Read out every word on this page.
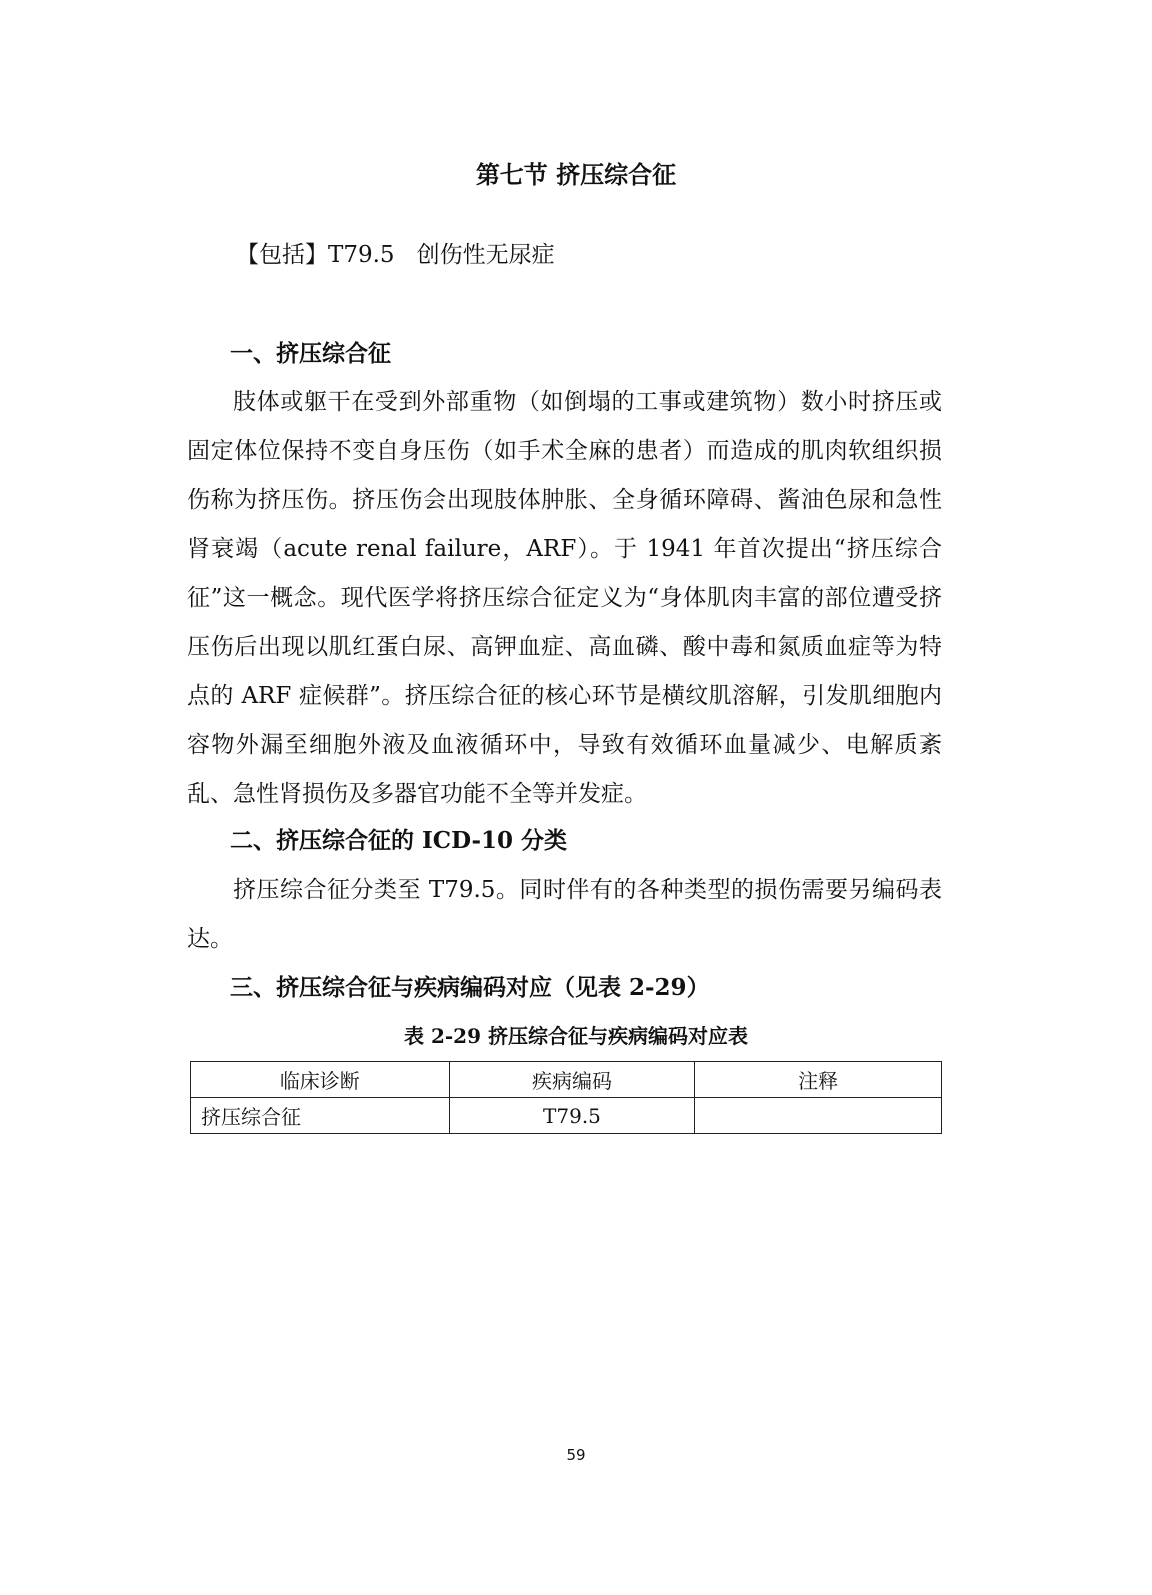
第七节 挤压综合征

【包括】T79.5 创伤性无尿症

一、挤压综合征

肢体或躯干在受到外部重物（如倒塌的工事或建筑物）数小时挤压或固定体位保持不变自身压伤（如手术全麻的患者）而造成的肌肉软组织损伤称为挤压伤。挤压伤会出现肢体肿胀、全身循环障碍、酱油色尿和急性肾衰竭（acute renal failure，ARF）。于 1941 年首次提出“挤压综合征”这一概念。现代医学将挤压综合征定义为“身体肌肉丰富的部位遭受挤压伤后出现以肌红蛋白尿、高钾血症、高血磷、酸中毒和氮质血症等为特点的 ARF 症候群”。挤压综合征的核心环节是横纹肌溶解，引发肌细胞内容物外漏至细胞外液及血液循环中，导致有效循环血量减少、电解质紊乱、急性肾损伤及多器官功能不全等并发症。

二、挤压综合征的 ICD-10 分类

挤压综合征分类至 T79.5。同时伴有的各种类型的损伤需要另编码表达。

三、挤压综合征与疾病编码对应（见表 2-29）

表 2-29 挤压综合征与疾病编码对应表

临床诊断	疾病编码	注释
挤压综合征	T79.5	

59
